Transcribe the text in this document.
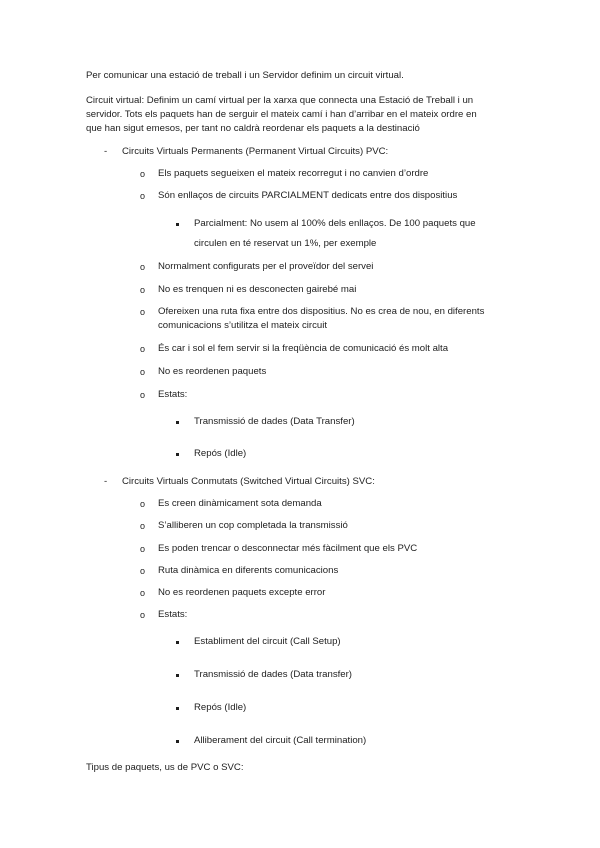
Per comunicar una estació de treball i un Servidor definim un circuit virtual.
Circuit virtual: Definim un camí virtual per la xarxa que connecta una Estació de Treball i un
servidor. Tots els paquets han de serguir el mateix camí i han d’arribar en el mateix ordre en
que han sigut emesos, per tant no caldrà reordenar els paquets a la destinació
- Circuits Virtuals Permanents (Permanent Virtual Circuits) PVC:
o Els paquets segueixen el mateix recorregut i no canvien d’ordre
o Són enllaços de circuits PARCIALMENT dedicats entre dos dispositius
Parcialment: No usem al 100% dels enllaços. De 100 paquets que
circulen en té reservat un 1%, per exemple
o Normalment configurats per el proveïdor del servei
o No es trenquen ni es desconecten gairebé mai
o Ofereixen una ruta fixa entre dos dispositius. No es crea de nou, en diferents
comunicacions s’utilitza el mateix circuit
o És car i sol el fem servir si la freqüència de comunicació és molt alta
o No es reordenen paquets
o Estats:
Transmissió de dades (Data Transfer)
Repós (Idle)
- Circuits Virtuals Conmutats (Switched Virtual Circuits) SVC:
o Es creen dinàmicament sota demanda
o S’alliberen un cop completada la transmissió
o Es poden trencar o desconnectar més fàcilment que els PVC
o Ruta dinàmica en diferents comunicacions
o No es reordenen paquets excepte error
o Estats:
Establiment del circuit (Call Setup)
Transmissió de dades (Data transfer)
Repós (Idle)
Alliberament del circuit (Call termination)
Tipus de paquets, us de PVC o SVC:
